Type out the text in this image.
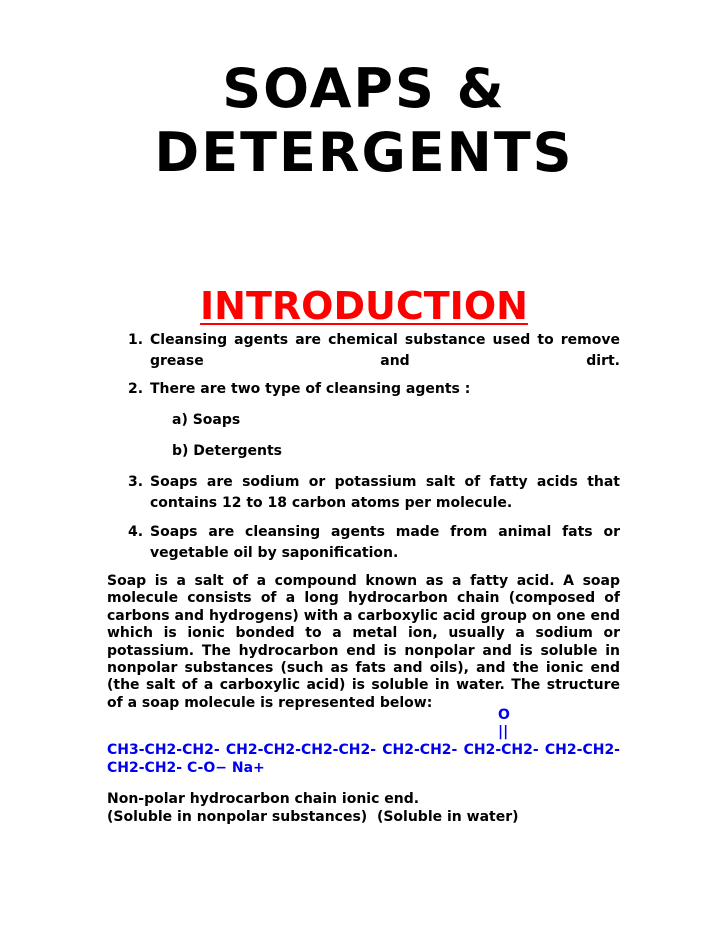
SOAPS &
DETERGENTS
INTRODUCTION
1. Cleansing agents are chemical substance used to remove grease and dirt.
2. There are two type of cleansing agents :
a) Soaps
b) Detergents
3. Soaps are sodium or potassium salt of fatty acids that contains 12 to 18 carbon atoms per molecule.
4. Soaps are cleansing agents made from animal fats or vegetable oil by saponification.
Soap is a salt of a compound known as a fatty acid. A soap molecule consists of a long hydrocarbon chain (composed of carbons and hydrogens) with a carboxylic acid group on one end which is ionic bonded to a metal ion, usually a sodium or potassium. The hydrocarbon end is nonpolar and is soluble in nonpolar substances (such as fats and oils), and the ionic end (the salt of a carboxylic acid) is soluble in water. The structure of a soap molecule is represented below:
O
||
CH3-CH2-CH2- CH2-CH2-CH2-CH2- CH2-CH2- CH2-CH2- CH2-CH2- CH2-CH2- C-O− Na+
Non-polar hydrocarbon chain ionic end.
(Soluble in nonpolar substances)  (Soluble in water)
